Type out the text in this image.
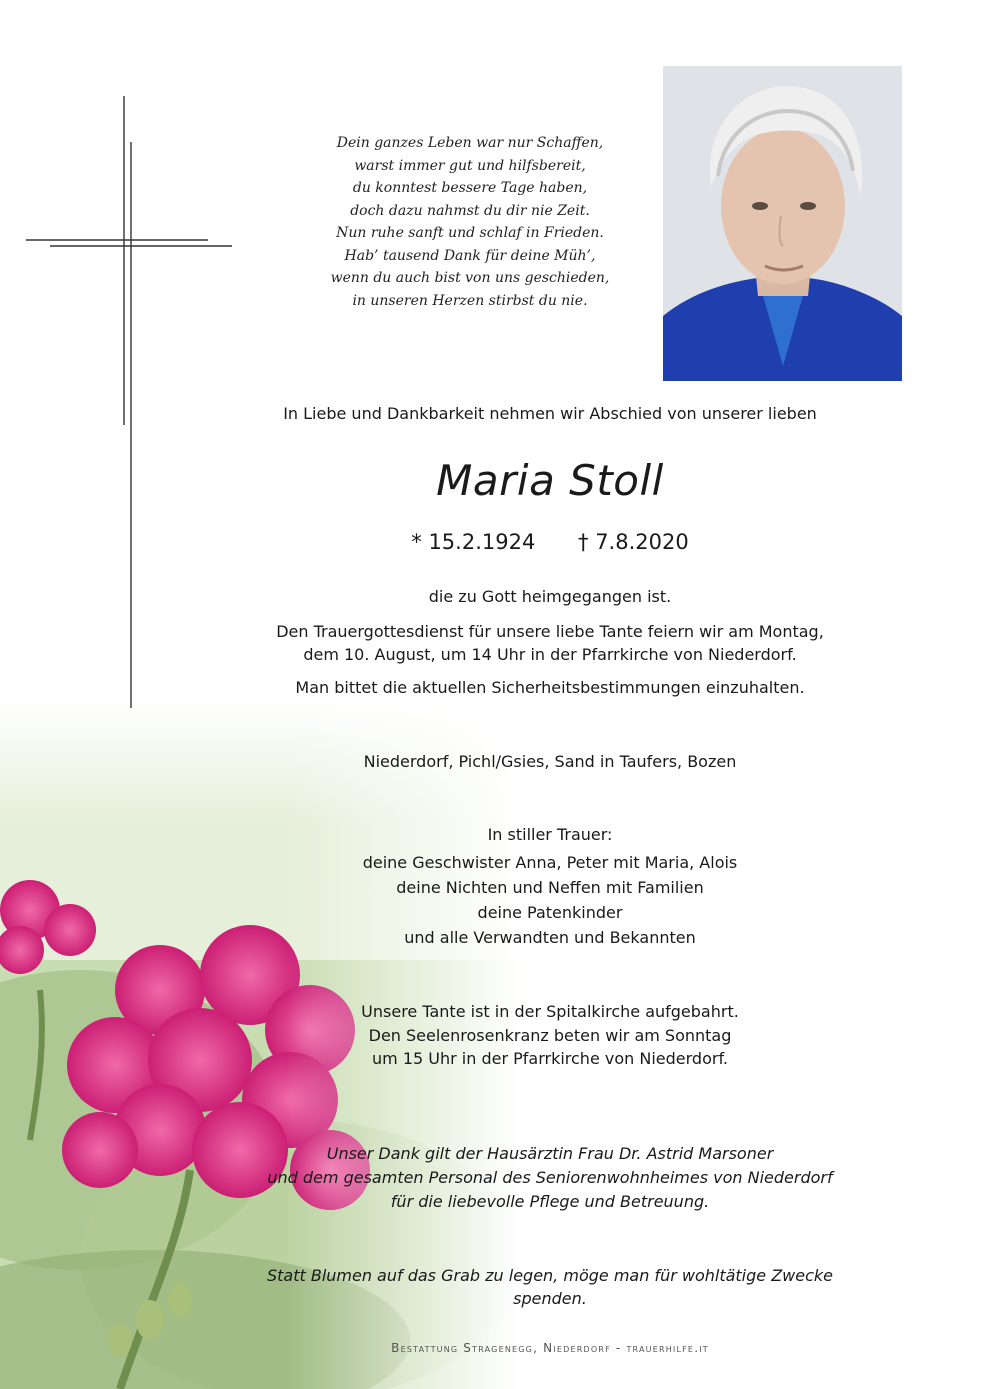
Dein ganzes Leben war nur Schaffen,
warst immer gut und hilfsbereit,
du konntest bessere Tage haben,
doch dazu nahmst du dir nie Zeit.
Nun ruhe sanft und schlaf in Frieden.
Hab’ tausend Dank für deine Müh’,
wenn du auch bist von uns geschieden,
in unseren Herzen stirbst du nie.
In Liebe und Dankbarkeit nehmen wir Abschied von unserer lieben
Maria Stoll
* 15.2.1924 † 7.8.2020
die zu Gott heimgegangen ist.
Den Trauergottesdienst für unsere liebe Tante feiern wir am Montag,
dem 10. August, um 14 Uhr in der Pfarrkirche von Niederdorf.
Man bittet die aktuellen Sicherheitsbestimmungen einzuhalten.
Niederdorf, Pichl/Gsies, Sand in Taufers, Bozen
In stiller Trauer:
deine Geschwister Anna, Peter mit Maria, Alois
deine Nichten und Neffen mit Familien
deine Patenkinder
und alle Verwandten und Bekannten
Unsere Tante ist in der Spitalkirche aufgebahrt.
Den Seelenrosenkranz beten wir am Sonntag
um 15 Uhr in der Pfarrkirche von Niederdorf.
Unser Dank gilt der Hausärztin Frau Dr. Astrid Marsoner
und dem gesamten Personal des Seniorenwohnheimes von Niederdorf
für die liebevolle Pflege und Betreuung.
Statt Blumen auf das Grab zu legen, möge man für wohltätige Zwecke spenden.
Bestattung Stragenegg, Niederdorf - trauerhilfe.it
